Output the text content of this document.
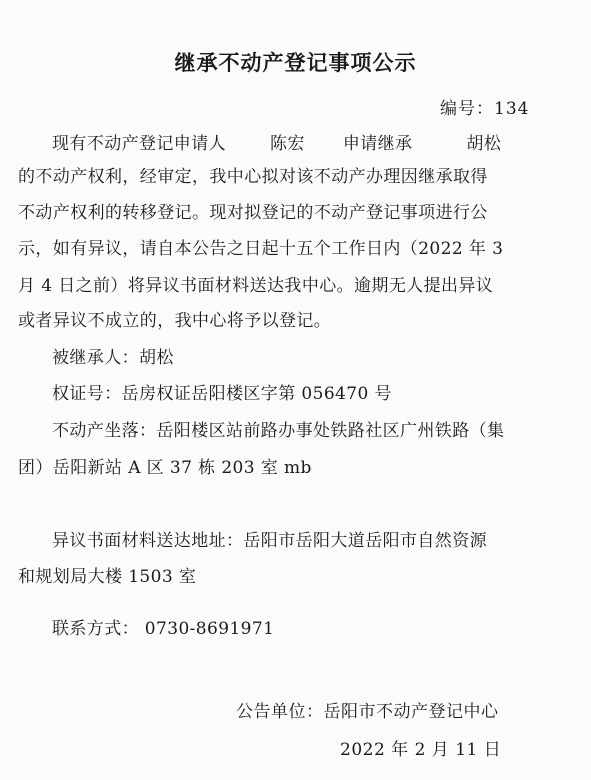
继承不动产登记事项公示
编号：134
现有不动产登记申请人	陈宏 申请继承	胡松
的不动产权利，经审定，我中心拟对该不动产办理因继承取得
不动产权利的转移登记。现对拟登记的不动产登记事项进行公
示，如有异议，请自本公告之日起十五个工作日内（2022 年 3
月 4 日之前）将异议书面材料送达我中心。逾期无人提出异议
或者异议不成立的，我中心将予以登记。
被继承人：胡松
权证号：岳房权证岳阳楼区字第 056470 号
不动产坐落：岳阳楼区站前路办事处铁路社区广州铁路（集
团）岳阳新站 A 区 37 栋 203 室 mb
异议书面材料送达地址：岳阳市岳阳大道岳阳市自然资源
和规划局大楼 1503 室
联系方式： 0730-8691971
公告单位：岳阳市不动产登记中心
2022 年 2 月 11 日
